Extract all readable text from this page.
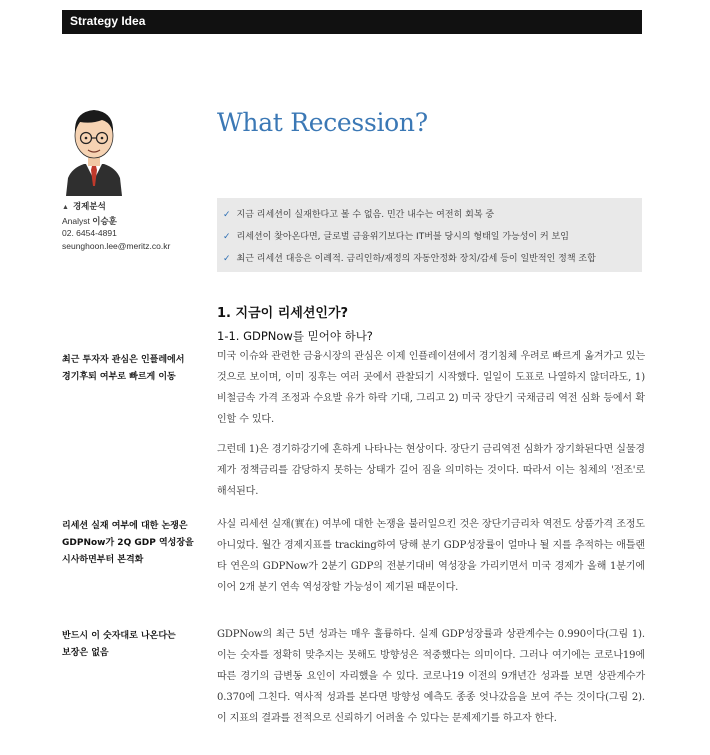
Strategy Idea
▲ 경제분석
Analyst 이승훈
02. 6454-4891
seunghoon.lee@meritz.co.kr
What Recession?
✓ 지금 리세션이 실재한다고 볼 수 없음. 민간 내수는 여전히 회복 중
✓ 리세션이 찾아온다면, 글로벌 금융위기보다는 IT버블 당시의 형태일 가능성이 커 보임
✓ 최근 리세션 대응은 이례적. 금리인하/재정의 자동안정화 장치/감세 등이 일반적인 정책 조합
1. 지금이 리세션인가?
1-1. GDPNow를 믿어야 하나?
최근 투자자 관심은 인플레에서
경기후퇴 여부로 빠르게 이동
리세션 실재 여부에 대한 논쟁은
GDPNow가 2Q GDP 역성장을
시사하면부터 본격화
반드시 이 숫자대로 나온다는
보장은 없음
미국 이슈와 관련한 금융시장의 관심은 이제 인플레이션에서 경기침체 우려로 빠르게 옮겨가고 있는 것으로 보이며, 이미 징후는 여러 곳에서 관찰되기 시작했다. 일일이 도표로 나열하지 않더라도, 1) 비철금속 가격 조정과 수요발 유가 하락 기대, 그리고 2) 미국 장단기 국채금리 역전 심화 등에서 확인할 수 있다.
그런데 1)은 경기하강기에 흔하게 나타나는 현상이다. 장단기 금리역전 심화가 장기화된다면 실물경제가 정책금리를 감당하지 못하는 상태가 길어 짐을 의미하는 것이다. 따라서 이는 침체의 '전조'로 해석된다.
사실 리세션 실재(實在) 여부에 대한 논쟁을 불러일으킨 것은 장단기금리차 역전도 상품가격 조정도 아니었다. 월간 경제지표를 tracking하여 당해 분기 GDP성장률이 얼마나 될 지를 추적하는 애틀랜타 연은의 GDPNow가 2분기 GDP의 전분기대비 역성장을 가리키면서 미국 경제가 올해 1분기에 이어 2개 분기 연속 역성장할 가능성이 제기된 때문이다.
GDPNow의 최근 5년 성과는 매우 훌륭하다. 실제 GDP성장률과 상관계수는 0.990이다(그림 1). 이는 숫자를 정확히 맞추지는 못해도 방향성은 적중했다는 의미이다. 그러나 여기에는 코로나19에 따른 경기의 급변동 요인이 자리했을 수 있다. 코로나19 이전의 9개년간 성과를 보면 상관계수가 0.370에 그친다. 역사적 성과를 본다면 방향성 예측도 종종 엇나갔음을 보여 주는 것이다(그림 2). 이 지표의 결과를 전적으로 신뢰하기 어려울 수 있다는 문제제기를 하고자 한다.
